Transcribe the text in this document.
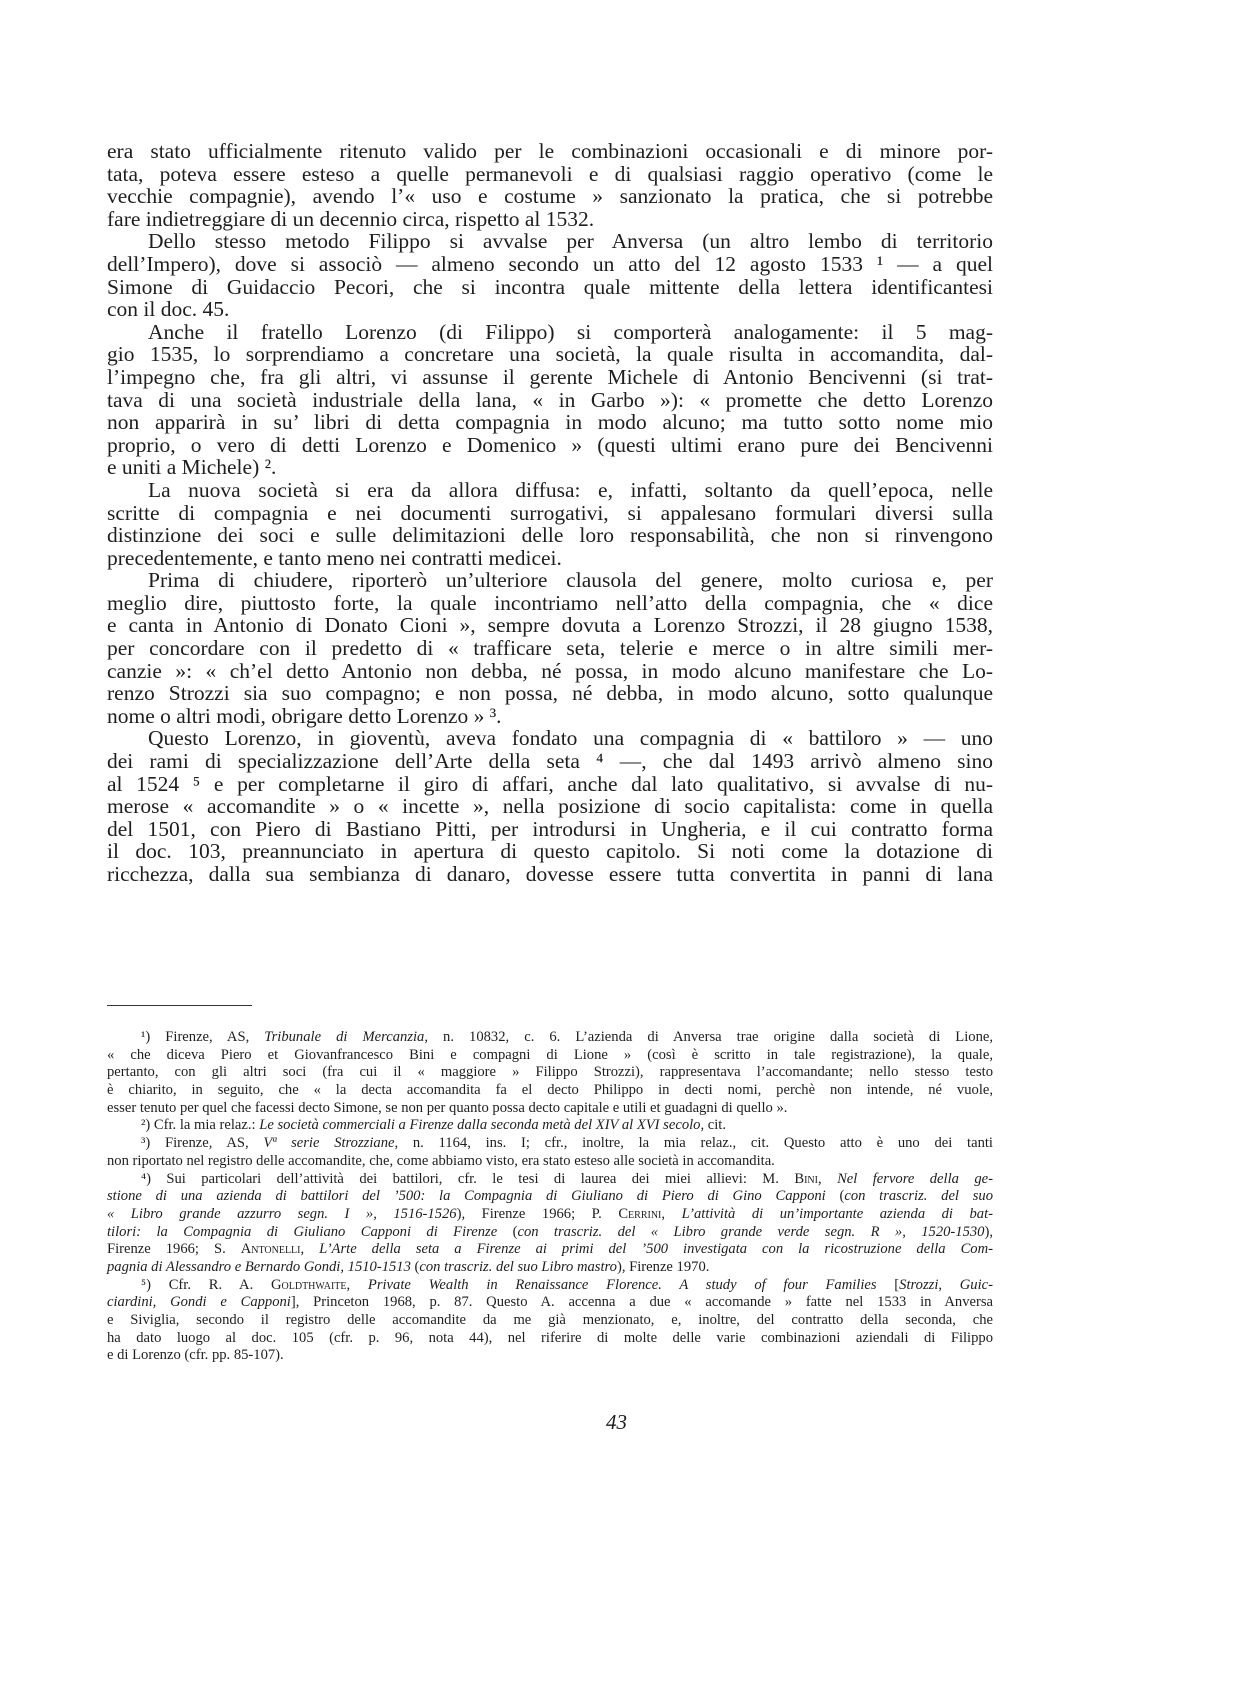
era stato ufficialmente ritenuto valido per le combinazioni occasionali e di minore por-
tata, poteva essere esteso a quelle permanevoli e di qualsiasi raggio operativo (come le
vecchie compagnie), avendo l’« uso e costume » sanzionato la pratica, che si potrebbe
fare indietreggiare di un decennio circa, rispetto al 1532.
Dello stesso metodo Filippo si avvalse per Anversa (un altro lembo di territorio
dell’Impero), dove si associò — almeno secondo un atto del 12 agosto 1533 ¹ — a quel
Simone di Guidaccio Pecori, che si incontra quale mittente della lettera identificantesi
con il doc. 45.
Anche il fratello Lorenzo (di Filippo) si comporterà analogamente: il 5 mag-
gio 1535, lo sorprendiamo a concretare una società, la quale risulta in accomandita, dal-
l’impegno che, fra gli altri, vi assunse il gerente Michele di Antonio Bencivenni (si trat-
tava di una società industriale della lana, « in Garbo »): « promette che detto Lorenzo
non apparirà in su’ libri di detta compagnia in modo alcuno; ma tutto sotto nome mio
proprio, o vero di detti Lorenzo e Domenico » (questi ultimi erano pure dei Bencivenni
e uniti a Michele) ².
La nuova società si era da allora diffusa: e, infatti, soltanto da quell’epoca, nelle
scritte di compagnia e nei documenti surrogativi, si appalesano formulari diversi sulla
distinzione dei soci e sulle delimitazioni delle loro responsabilità, che non si rinvengono
precedentemente, e tanto meno nei contratti medicei.
Prima di chiudere, riporterò un’ulteriore clausola del genere, molto curiosa e, per
meglio dire, piuttosto forte, la quale incontriamo nell’atto della compagnia, che « dice
e canta in Antonio di Donato Cioni », sempre dovuta a Lorenzo Strozzi, il 28 giugno 1538,
per concordare con il predetto di « trafficare seta, telerie e merce o in altre simili mer-
canzie »: « ch’el detto Antonio non debba, né possa, in modo alcuno manifestare che Lo-
renzo Strozzi sia suo compagno; e non possa, né debba, in modo alcuno, sotto qualunque
nome o altri modi, obrigare detto Lorenzo » ³.
Questo Lorenzo, in gioventù, aveva fondato una compagnia di « battiloro » — uno
dei rami di specializzazione dell’Arte della seta ⁴ —, che dal 1493 arrivò almeno sino
al 1524 ⁵ e per completarne il giro di affari, anche dal lato qualitativo, si avvalse di nu-
merose « accomandite » o « incette », nella posizione di socio capitalista: come in quella
del 1501, con Piero di Bastiano Pitti, per introdursi in Ungheria, e il cui contratto forma
il doc. 103, preannunciato in apertura di questo capitolo. Si noti come la dotazione di
ricchezza, dalla sua sembianza di danaro, dovesse essere tutta convertita in panni di lana
¹) Firenze, AS, Tribunale di Mercanzia, n. 10832, c. 6. L’azienda di Anversa trae origine dalla società di Lione,
« che diceva Piero et Giovanfrancesco Bini e compagni di Lione » (così è scritto in tale registrazione), la quale,
pertanto, con gli altri soci (fra cui il « maggiore » Filippo Strozzi), rappresentava l’accomandante; nello stesso testo
è chiarito, in seguito, che « la decta accomandita fa el decto Philippo in decti nomi, perchè non intende, né vuole,
esser tenuto per quel che facessi decto Simone, se non per quanto possa decto capitale e utili et guadagni di quello ».
²) Cfr. la mia relaz.: Le società commerciali a Firenze dalla seconda metà del XIV al XVI secolo, cit.
³) Firenze, AS, Vª serie Strozziane, n. 1164, ins. I; cfr., inoltre, la mia relaz., cit. Questo atto è uno dei tanti
non riportato nel registro delle accomandite, che, come abbiamo visto, era stato esteso alle società in accomandita.
⁴) Sui particolari dell’attività dei battilori, cfr. le tesi di laurea dei miei allievi: M. Bini, Nel fervore della ge-
stione di una azienda di battilori del ’500: la Compagnia di Giuliano di Piero di Gino Capponi (con trascriz. del suo
« Libro grande azzurro segn. I », 1516-1526), Firenze 1966; P. Cerrini, L’attività di un’importante azienda di bat-
tilori: la Compagnia di Giuliano Capponi di Firenze (con trascriz. del « Libro grande verde segn. R », 1520-1530),
Firenze 1966; S. Antonelli, L’Arte della seta a Firenze ai primi del ’500 investigata con la ricostruzione della Com-
pagnia di Alessandro e Bernardo Gondi, 1510-1513 (con trascriz. del suo Libro mastro), Firenze 1970.
⁵) Cfr. R. A. Goldthwaite, Private Wealth in Renaissance Florence. A study of four Families [Strozzi, Guic-
ciardini, Gondi e Capponi], Princeton 1968, p. 87. Questo A. accenna a due « accomande » fatte nel 1533 in Anversa
e Siviglia, secondo il registro delle accomandite da me già menzionato, e, inoltre, del contratto della seconda, che
ha dato luogo al doc. 105 (cfr. p. 96, nota 44), nel riferire di molte delle varie combinazioni aziendali di Filippo
e di Lorenzo (cfr. pp. 85-107).
43
